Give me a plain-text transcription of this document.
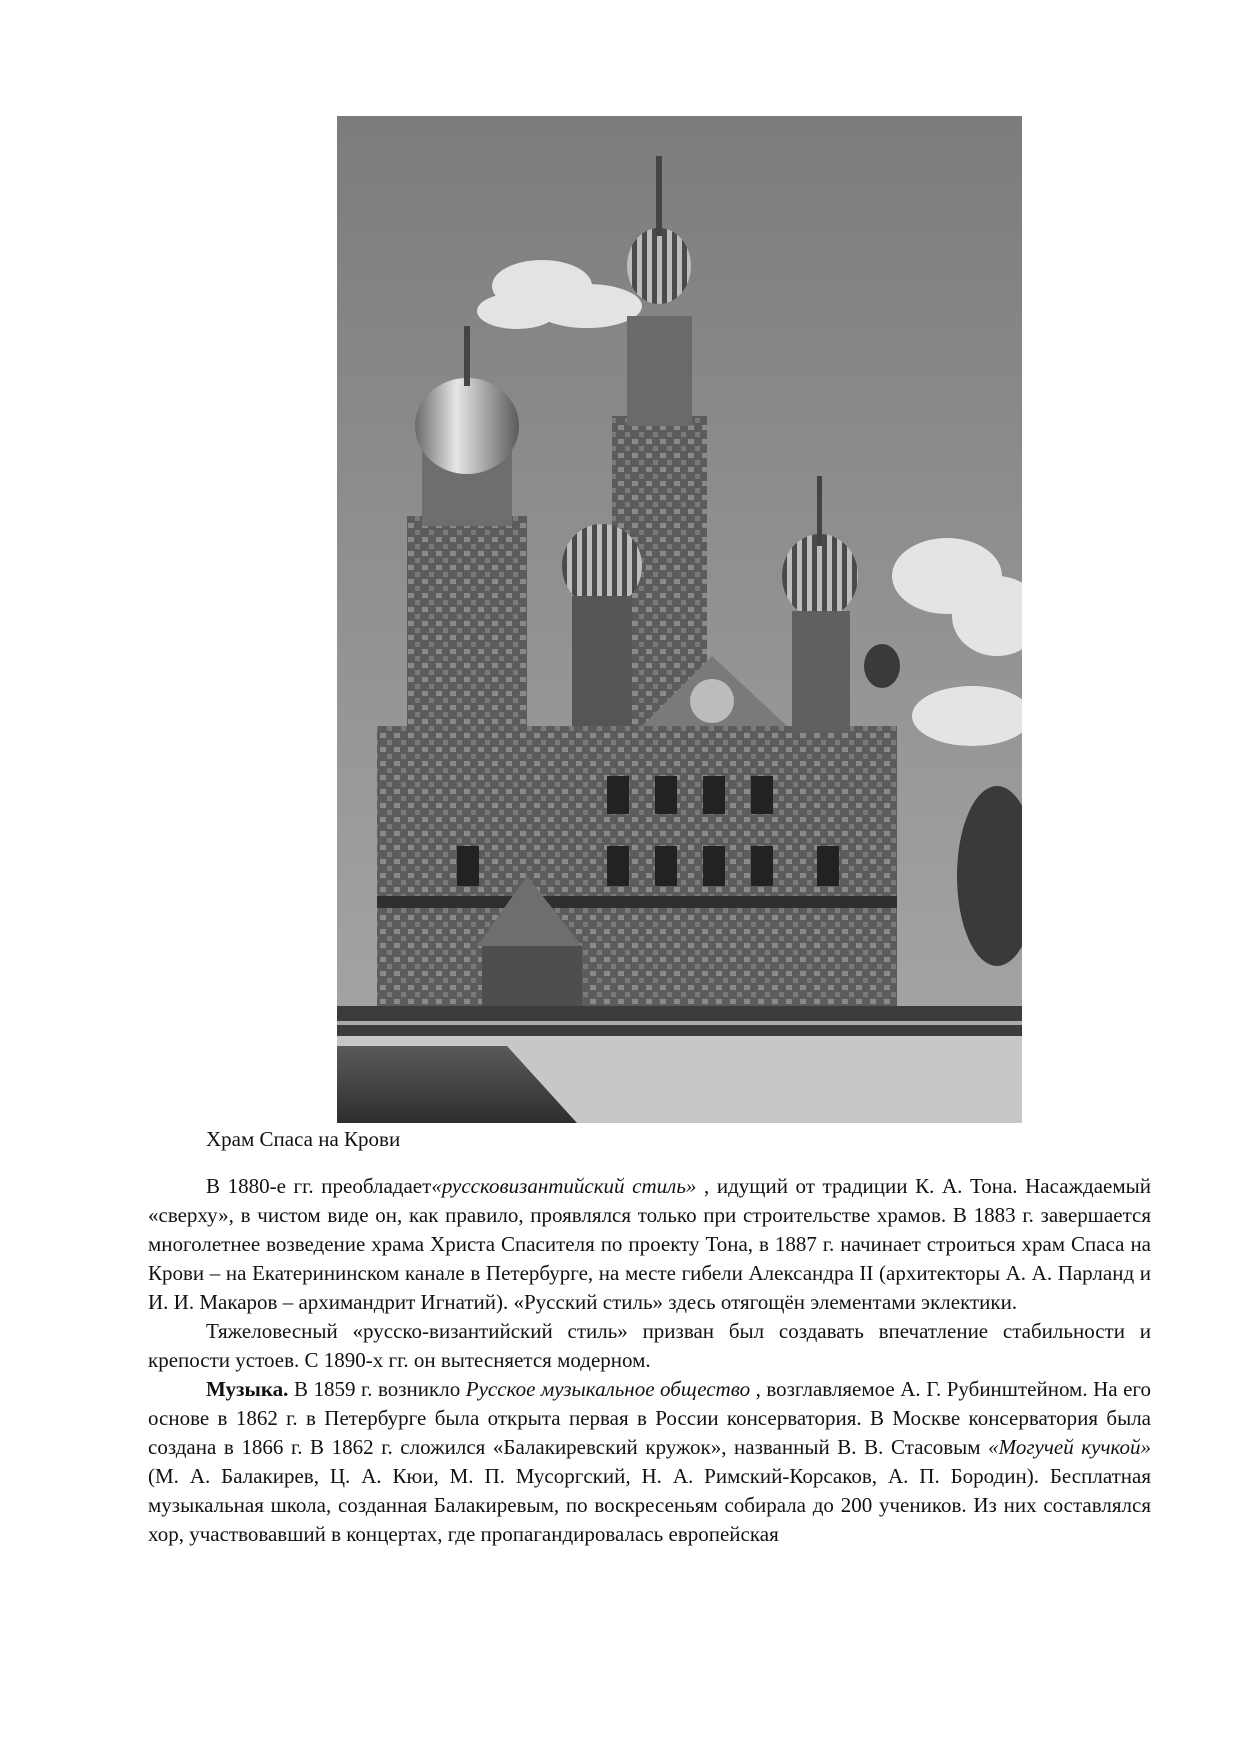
Храм Спаса на Крови

В 1880-е гг. преобладает«руссковизантийский стиль» , идущий от традиции К. А. Тона. Насаждаемый «сверху», в чистом виде он, как правило, проявлялся только при строительстве храмов. В 1883 г. завершается многолетнее возведение храма Христа Спасителя по проекту Тона, в 1887 г. начинает строиться храм Спаса на Крови – на Екатерининском канале в Петербурге, на месте гибели Александра II (архитекторы А. А. Парланд и И. И. Макаров – архимандрит Игнатий). «Русский стиль» здесь отягощён элементами эклектики.

Тяжеловесный «русско-византийский стиль» призван был создавать впечатление стабильности и крепости устоев. С 1890-х гг. он вытесняется модерном.

Музыка. В 1859 г. возникло Русское музыкальное общество , возглавляемое А. Г. Рубинштейном. На его основе в 1862 г. в Петербурге была открыта первая в России консерватория. В Москве консерватория была создана в 1866 г. В 1862 г. сложился «Балакиревский кружок», названный В. В. Стасовым «Могучей кучкой» (М. А. Балакирев, Ц. А. Кюи, М. П. Мусоргский, Н. А. Римский-Корсаков, А. П. Бородин). Бесплатная музыкальная школа, созданная Балакиревым, по воскресеньям собирала до 200 учеников. Из них составлялся хор, участвовавший в концертах, где пропагандировалась европейская
